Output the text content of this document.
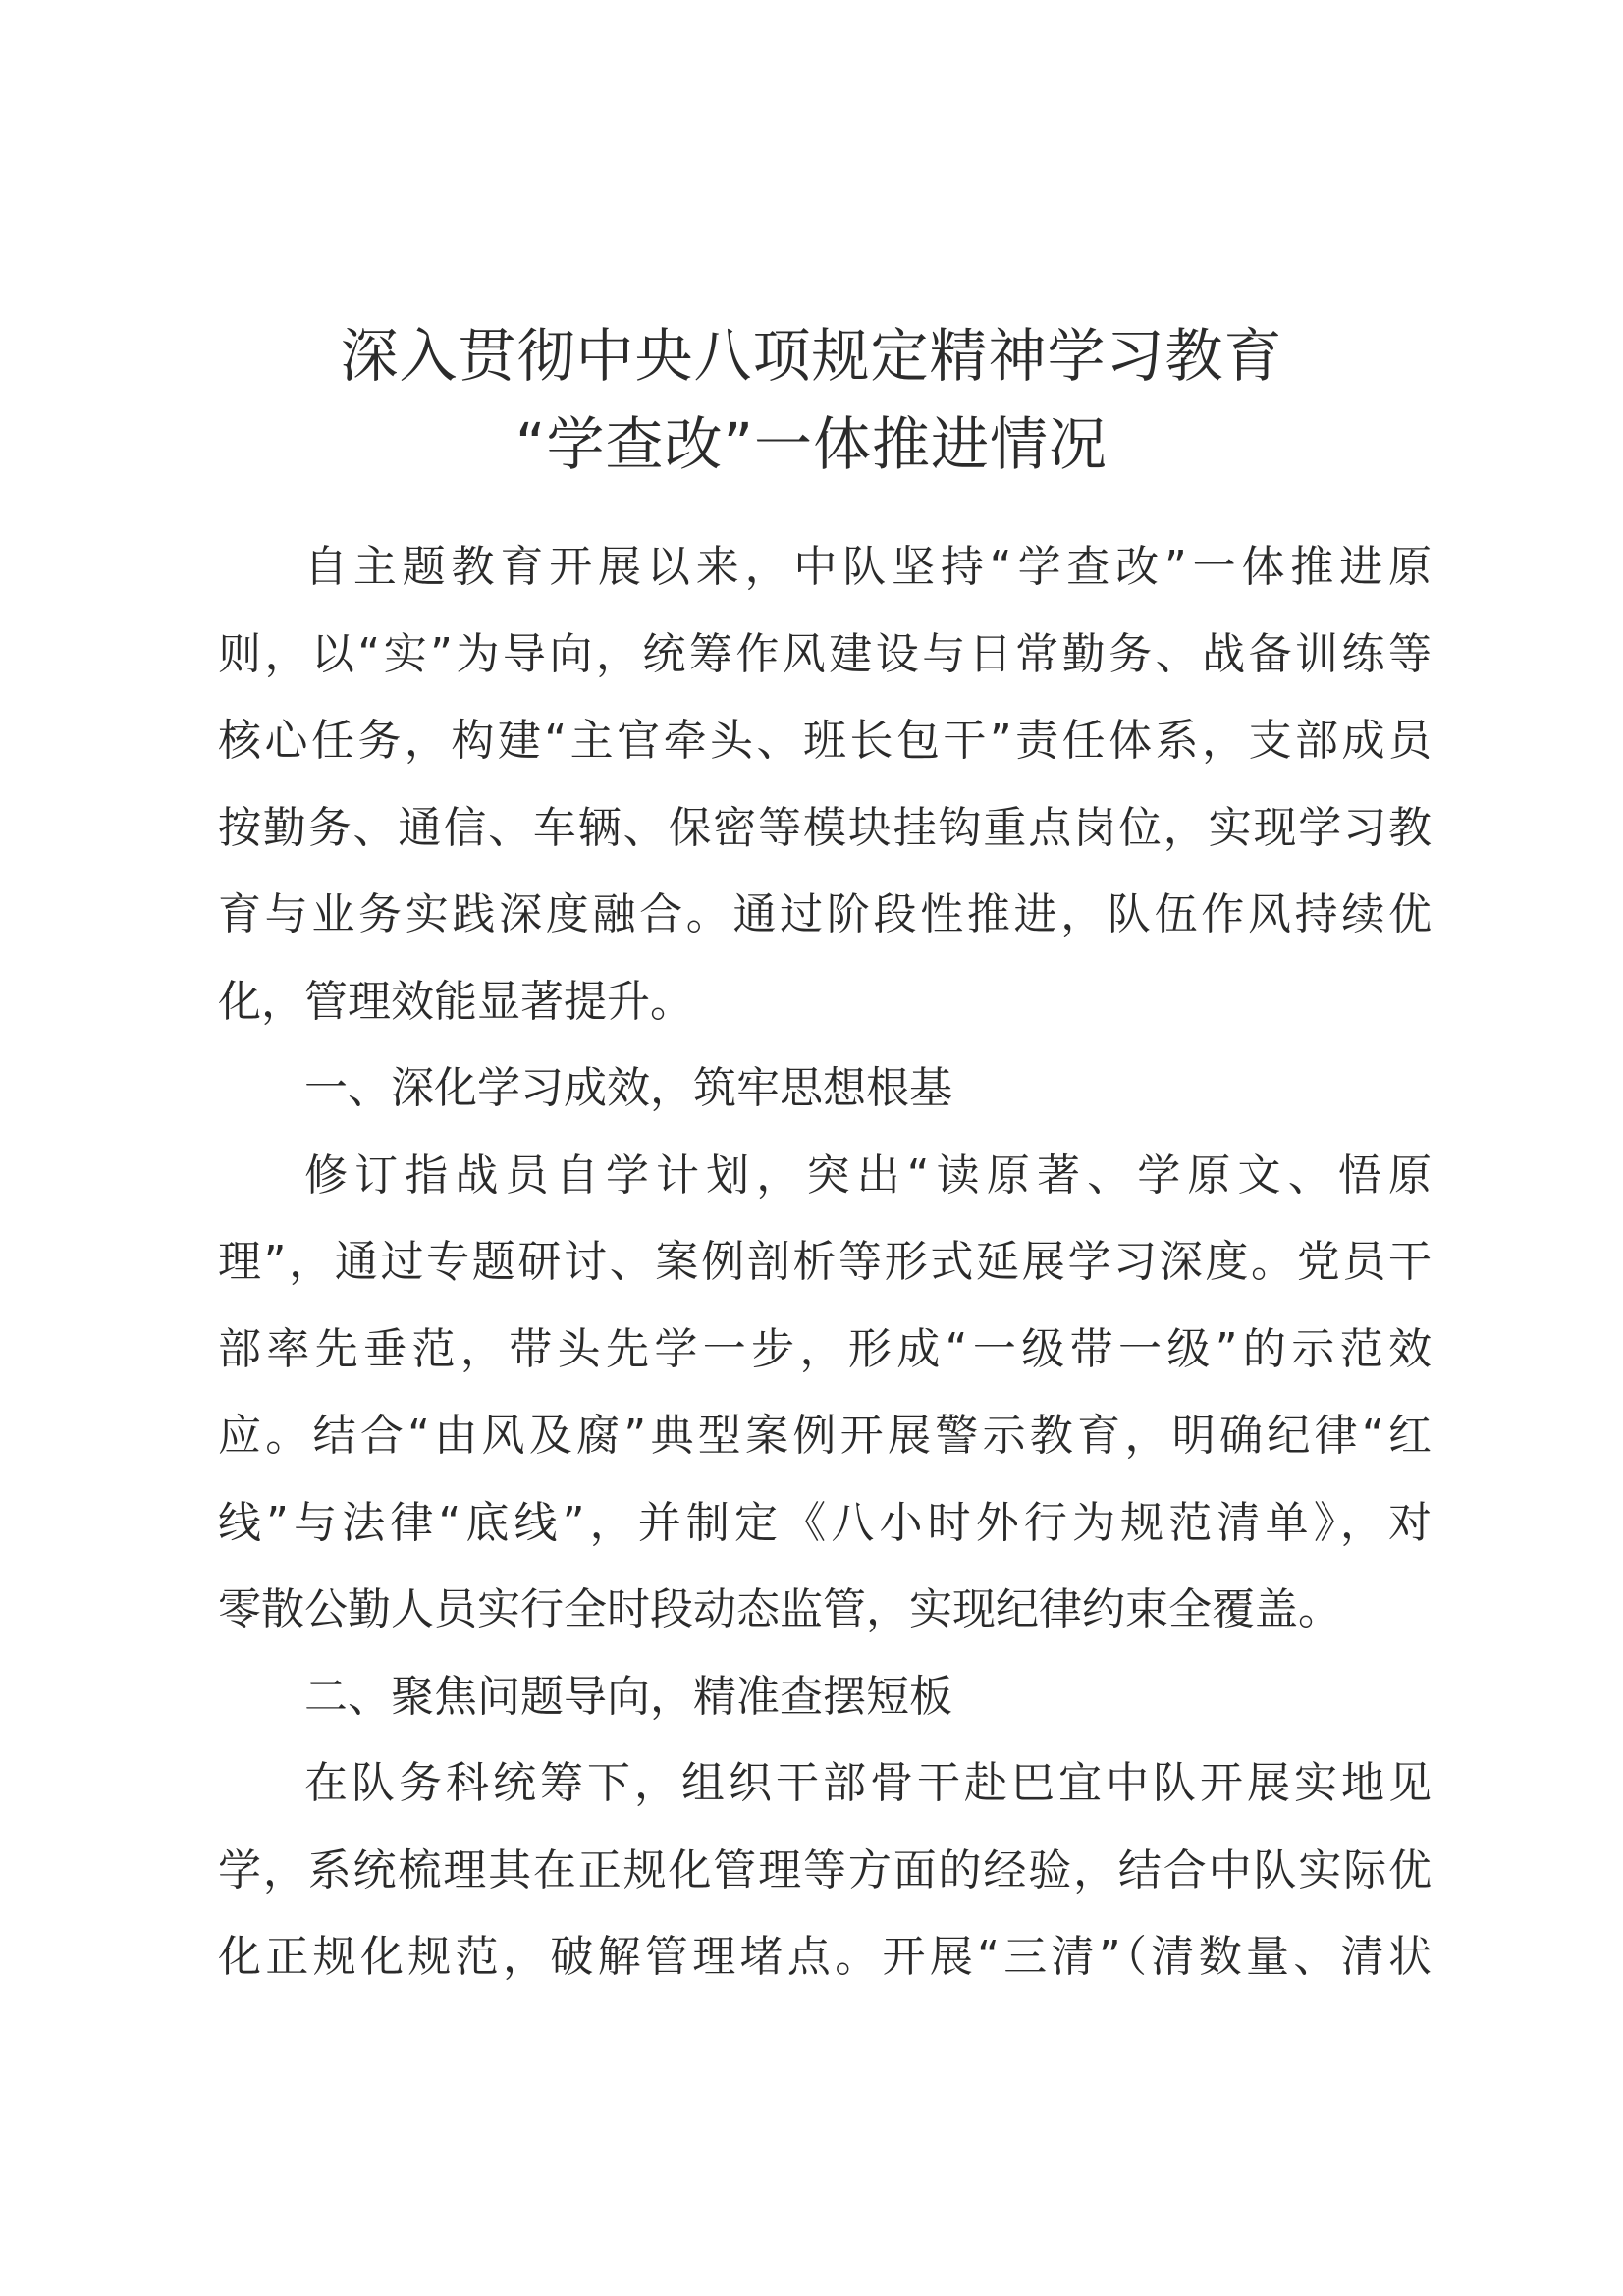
深入贯彻中央八项规定精神学习教育
“学查改”一体推进情况
自主题教育开展以来，中队坚持“学查改”一体推进原
则，以“实”为导向，统筹作风建设与日常勤务、战备训练等
核心任务，构建“主官牵头、班长包干”责任体系，支部成员
按勤务、通信、车辆、保密等模块挂钩重点岗位，实现学习教
育与业务实践深度融合。通过阶段性推进，队伍作风持续优
化，管理效能显著提升。
一、深化学习成效，筑牢思想根基
修订指战员自学计划，突出“读原著、学原文、悟原
理”，通过专题研讨、案例剖析等形式延展学习深度。党员干
部率先垂范，带头先学一步，形成“一级带一级”的示范效
应。结合“由风及腐”典型案例开展警示教育，明确纪律“红
线”与法律“底线”，并制定《八小时外行为规范清单》，对
零散公勤人员实行全时段动态监管，实现纪律约束全覆盖。
二、聚焦问题导向，精准查摆短板
在队务科统筹下，组织干部骨干赴巴宜中队开展实地见
学，系统梳理其在正规化管理等方面的经验，结合中队实际优
化正规化规范，破解管理堵点。开展“三清”（清数量、清状
